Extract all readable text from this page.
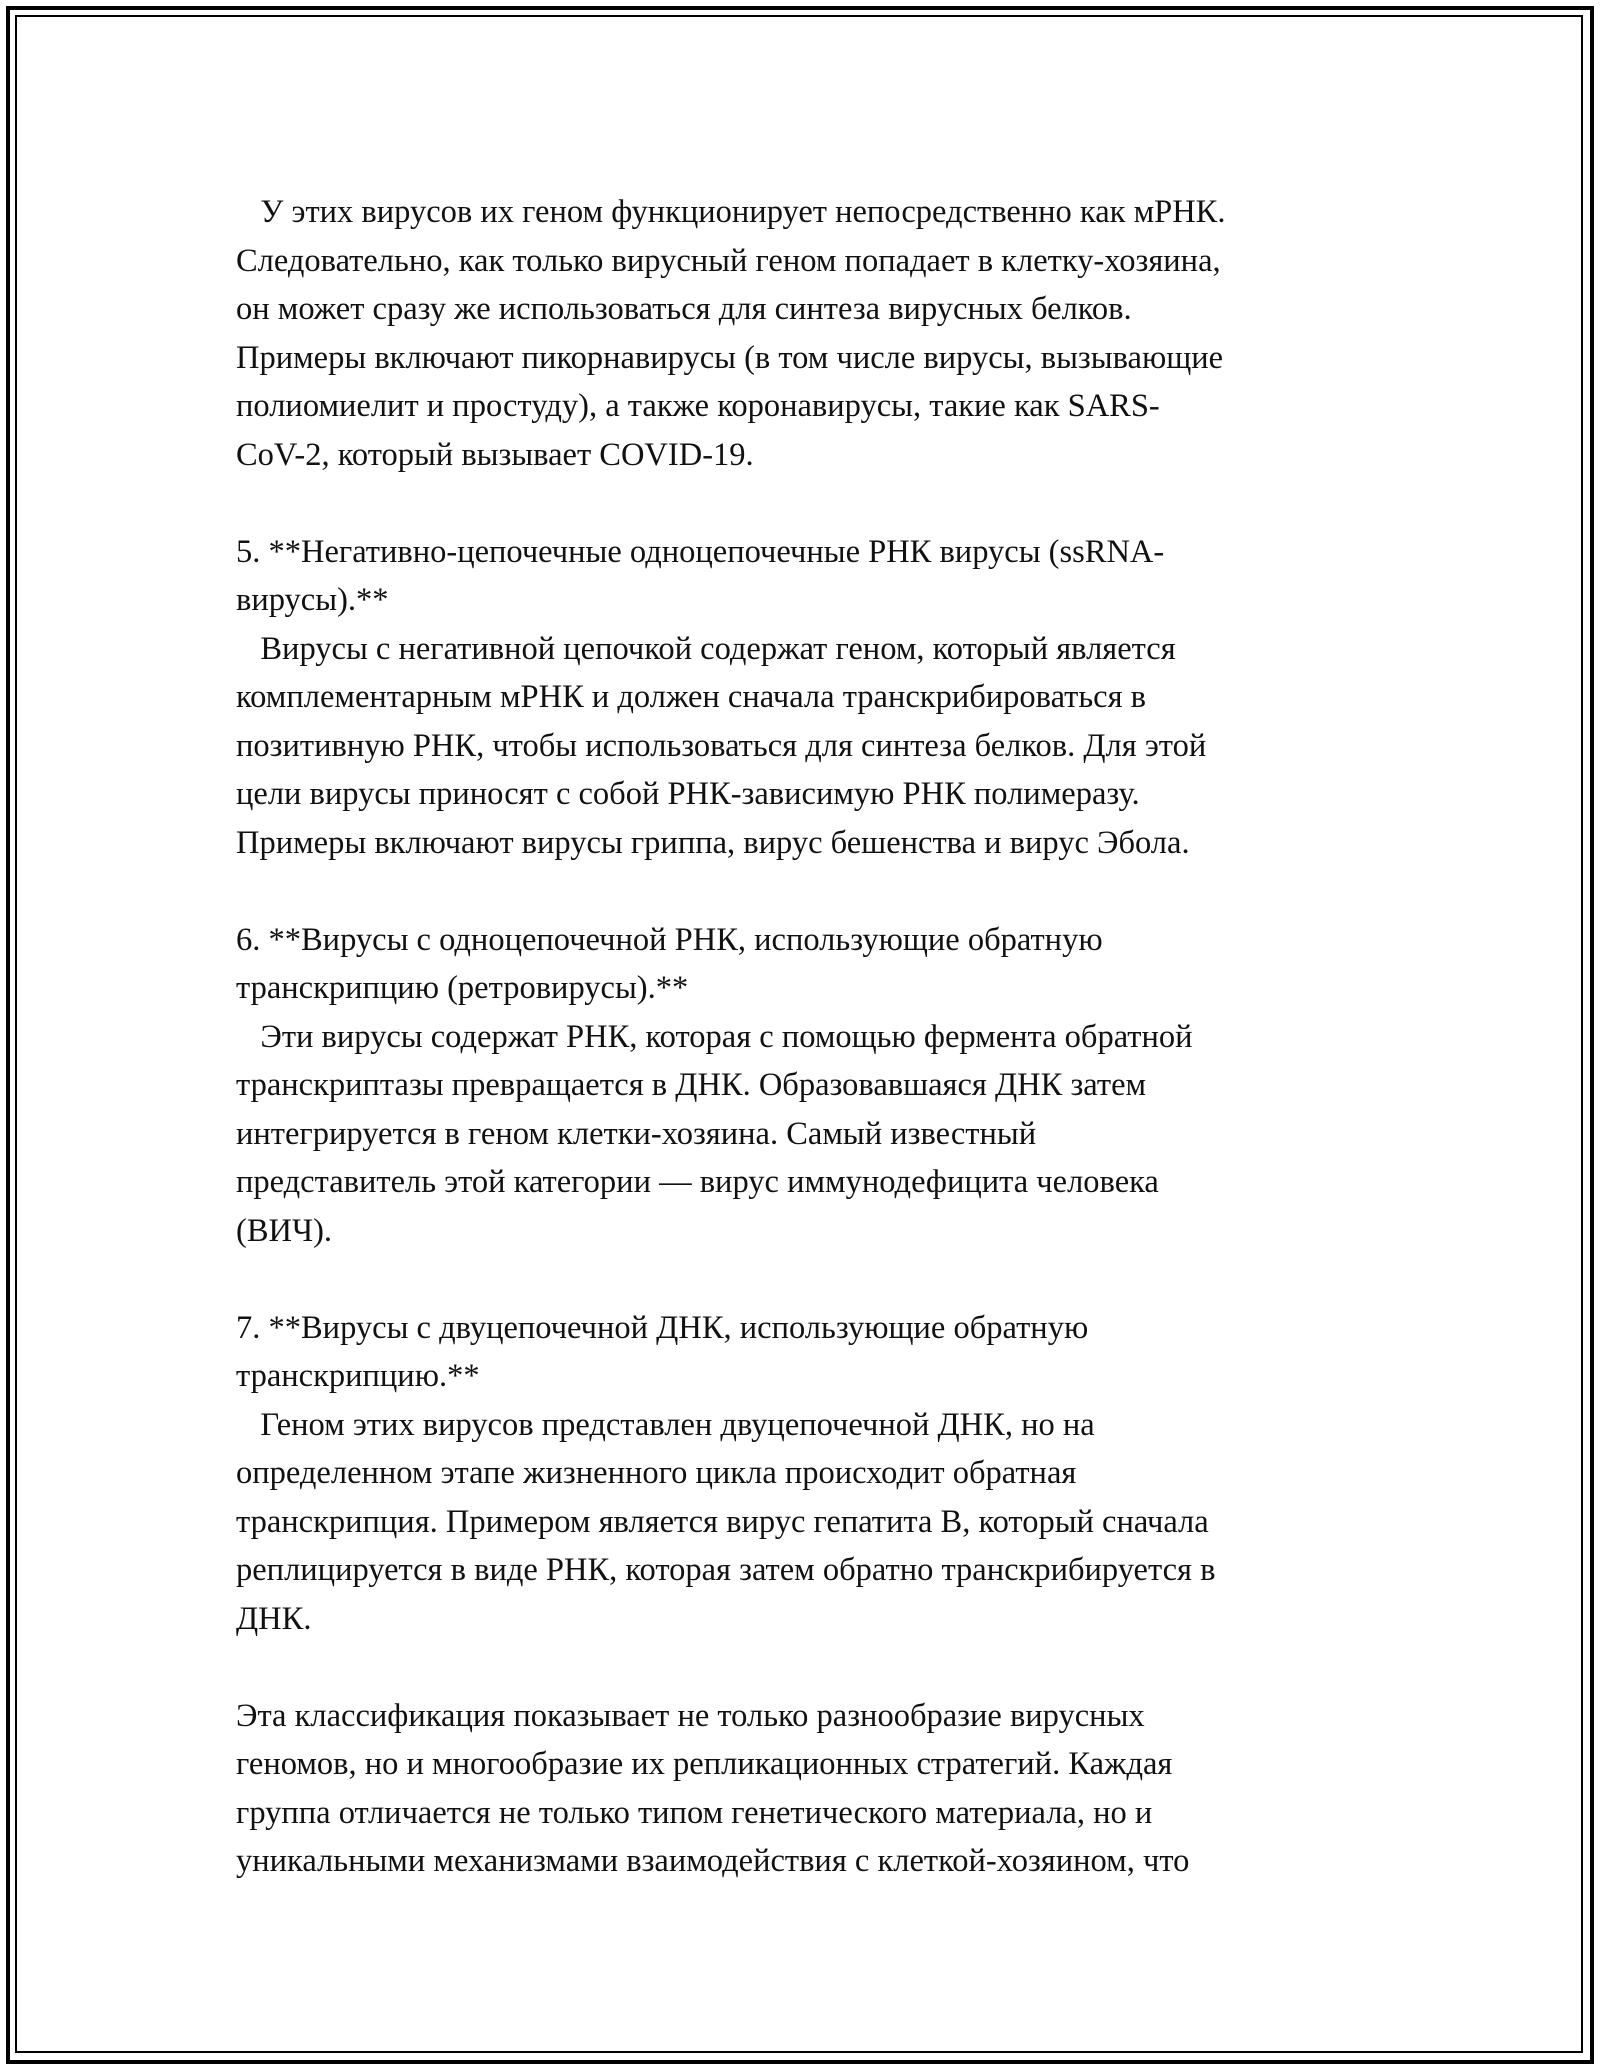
У этих вирусов их геном функционирует непосредственно как мРНК.
Следовательно, как только вирусный геном попадает в клетку-хозяина,
он может сразу же использоваться для синтеза вирусных белков.
Примеры включают пикорнавирусы (в том числе вирусы, вызывающие
полиомиелит и простуду), а также коронавирусы, такие как SARS-
CoV-2, который вызывает COVID-19.
5. **Негативно-цепочечные одноцепочечные РНК вирусы (ssRNA-
вирусы).**
Вирусы с негативной цепочкой содержат геном, который является
комплементарным мРНК и должен сначала транскрибироваться в
позитивную РНК, чтобы использоваться для синтеза белков. Для этой
цели вирусы приносят с собой РНК-зависимую РНК полимеразу.
Примеры включают вирусы гриппа, вирус бешенства и вирус Эбола.
6. **Вирусы с одноцепочечной РНК, использующие обратную
транскрипцию (ретровирусы).**
Эти вирусы содержат РНК, которая с помощью фермента обратной
транскриптазы превращается в ДНК. Образовавшаяся ДНК затем
интегрируется в геном клетки-хозяина. Самый известный
представитель этой категории — вирус иммунодефицита человека
(ВИЧ).
7. **Вирусы с двуцепочечной ДНК, использующие обратную
транскрипцию.**
Геном этих вирусов представлен двуцепочечной ДНК, но на
определенном этапе жизненного цикла происходит обратная
транскрипция. Примером является вирус гепатита B, который сначала
реплицируется в виде РНК, которая затем обратно транскрибируется в
ДНК.
Эта классификация показывает не только разнообразие вирусных
геномов, но и многообразие их репликационных стратегий. Каждая
группа отличается не только типом генетического материала, но и
уникальными механизмами взаимодействия с клеткой-хозяином, что
